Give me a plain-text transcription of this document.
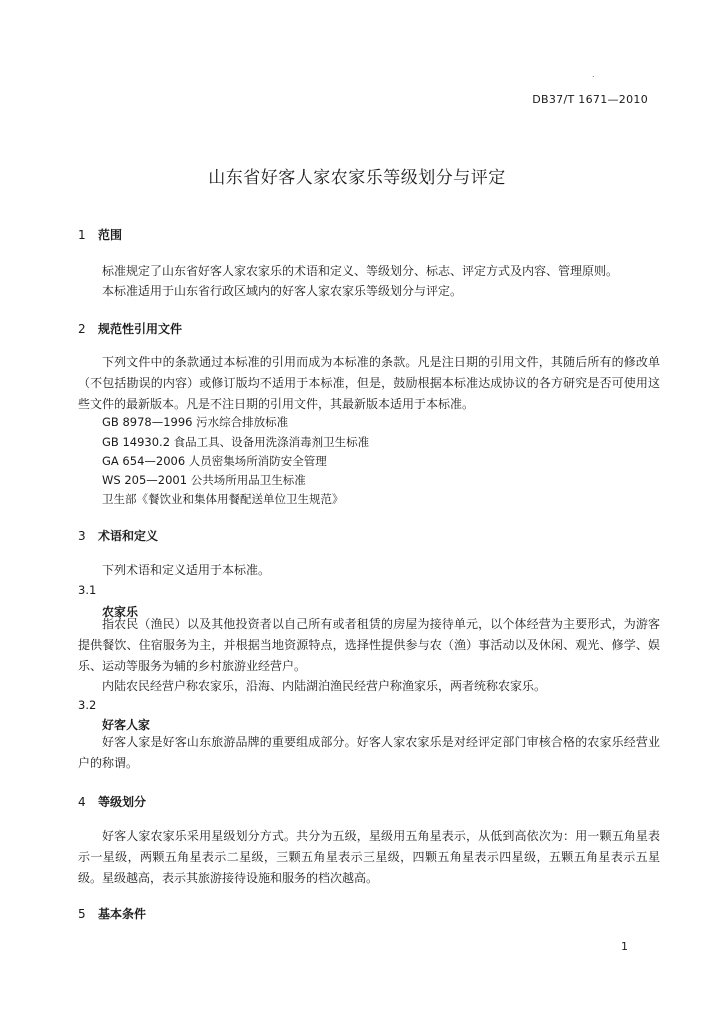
.
DB37/T 1671—2010
山东省好客人家农家乐等级划分与评定
1 范围
标准规定了山东省好客人家农家乐的术语和定义、等级划分、标志、评定方式及内容、管理原则。
本标准适用于山东省行政区域内的好客人家农家乐等级划分与评定。
2 规范性引用文件
下列文件中的条款通过本标准的引用而成为本标准的条款。凡是注日期的引用文件，其随后所有的修改单（不包括勘误的内容）或修订版均不适用于本标准，但是，鼓励根据本标准达成协议的各方研究是否可使用这些文件的最新版本。凡是不注日期的引用文件，其最新版本适用于本标准。
GB 8978—1996 污水综合排放标准
GB 14930.2 食品工具、设备用洗涤消毒剂卫生标准
GA 654—2006 人员密集场所消防安全管理
WS 205—2001 公共场所用品卫生标准
卫生部《餐饮业和集体用餐配送单位卫生规范》
3 术语和定义
下列术语和定义适用于本标准。
3.1
农家乐
指农民（渔民）以及其他投资者以自己所有或者租赁的房屋为接待单元，以个体经营为主要形式，为游客提供餐饮、住宿服务为主，并根据当地资源特点，选择性提供参与农（渔）事活动以及休闲、观光、修学、娱乐、运动等服务为辅的乡村旅游业经营户。
内陆农民经营户称农家乐，沿海、内陆湖泊渔民经营户称渔家乐，两者统称农家乐。
3.2
好客人家
好客人家是好客山东旅游品牌的重要组成部分。好客人家农家乐是对经评定部门审核合格的农家乐经营业户的称谓。
4 等级划分
好客人家农家乐采用星级划分方式。共分为五级，星级用五角星表示，从低到高依次为：用一颗五角星表示一星级，两颗五角星表示二星级，三颗五角星表示三星级，四颗五角星表示四星级，五颗五角星表示五星级。星级越高，表示其旅游接待设施和服务的档次越高。
5 基本条件
1
